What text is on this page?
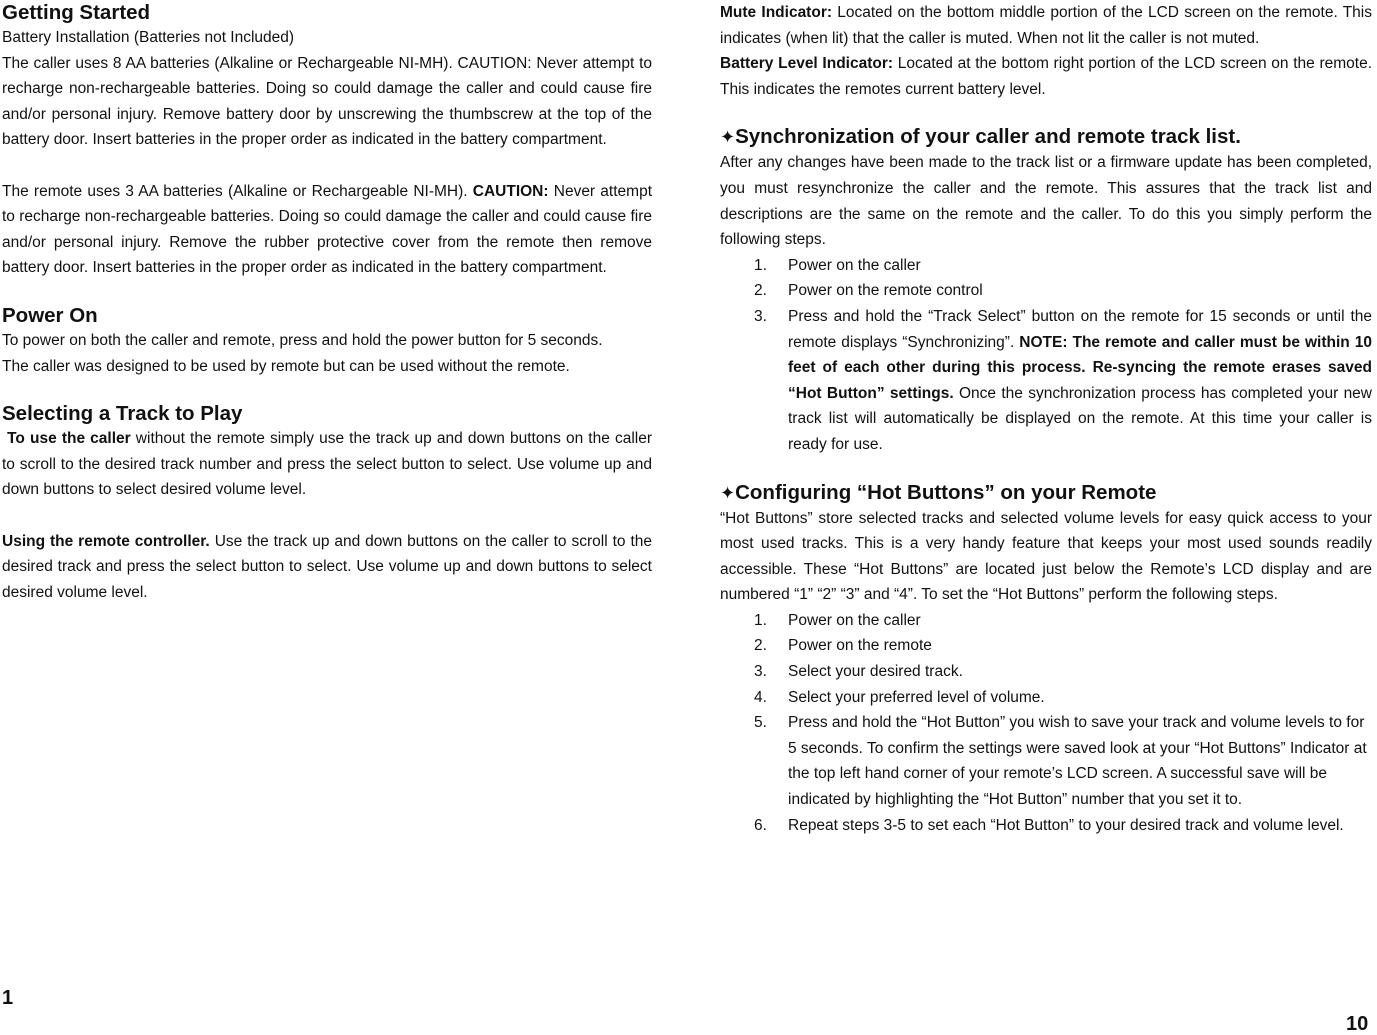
Getting Started

Battery Installation (Batteries not Included)

The caller uses 8 AA batteries (Alkaline or Rechargeable NI-MH). CAUTION: Never attempt to recharge non-rechargeable batteries. Doing so could damage the caller and could cause fire and/or personal injury. Remove battery door by unscrewing the thumbscrew at the top of the battery door. Insert batteries in the proper order as indicated in the battery compartment.

The remote uses 3 AA batteries (Alkaline or Rechargeable NI-MH). CAUTION: Never attempt to recharge non-rechargeable batteries. Doing so could damage the caller and could cause fire and/or personal injury. Remove the rubber protective cover from the remote then remove battery door. Insert batteries in the proper order as indicated in the battery compartment.

Power On

To power on both the caller and remote, press and hold the power button for 5 seconds.

The caller was designed to be used by remote but can be used without the remote.

Selecting a Track to Play

To use the caller without the remote simply use the track up and down buttons on the caller to scroll to the desired track number and press the select button to select. Use volume up and down buttons to select desired volume level.

Using the remote controller. Use the track up and down buttons on the caller to scroll to the desired track and press the select button to select. Use volume up and down buttons to select desired volume level.

1

Mute Indicator: Located on the bottom middle portion of the LCD screen on the remote. This indicates (when lit) that the caller is muted. When not lit the caller is not muted.

Battery Level Indicator: Located at the bottom right portion of the LCD screen on the remote. This indicates the remotes current battery level.

✦Synchronization of your caller and remote track list.

After any changes have been made to the track list or a firmware update has been completed, you must resynchronize the caller and the remote. This assures that the track list and descriptions are the same on the remote and the caller. To do this you simply perform the following steps.

1. Power on the caller
2. Power on the remote control
3. Press and hold the “Track Select” button on the remote for 15 seconds or until the remote displays “Synchronizing”. NOTE: The remote and caller must be within 10 feet of each other during this process. Re-syncing the remote erases saved “Hot Button” settings. Once the synchronization process has completed your new track list will automatically be displayed on the remote. At this time your caller is ready for use.
✦Configuring “Hot Buttons” on your Remote

“Hot Buttons” store selected tracks and selected volume levels for easy quick access to your most used tracks. This is a very handy feature that keeps your most used sounds readily accessible. These “Hot Buttons” are located just below the Remote’s LCD display and are numbered “1” “2” “3” and “4”. To set the “Hot Buttons” perform the following steps.

1. Power on the caller
2. Power on the remote
3. Select your desired track.
4. Select your preferred level of volume.
5. Press and hold the “Hot Button” you wish to save your track and volume levels to for 5 seconds. To confirm the settings were saved look at your “Hot Buttons” Indicator at the top left hand corner of your remote’s LCD screen. A successful save will be indicated by highlighting the “Hot Button” number that you set it to.
6. Repeat steps 3-5 to set each “Hot Button” to your desired track and volume level.
10
